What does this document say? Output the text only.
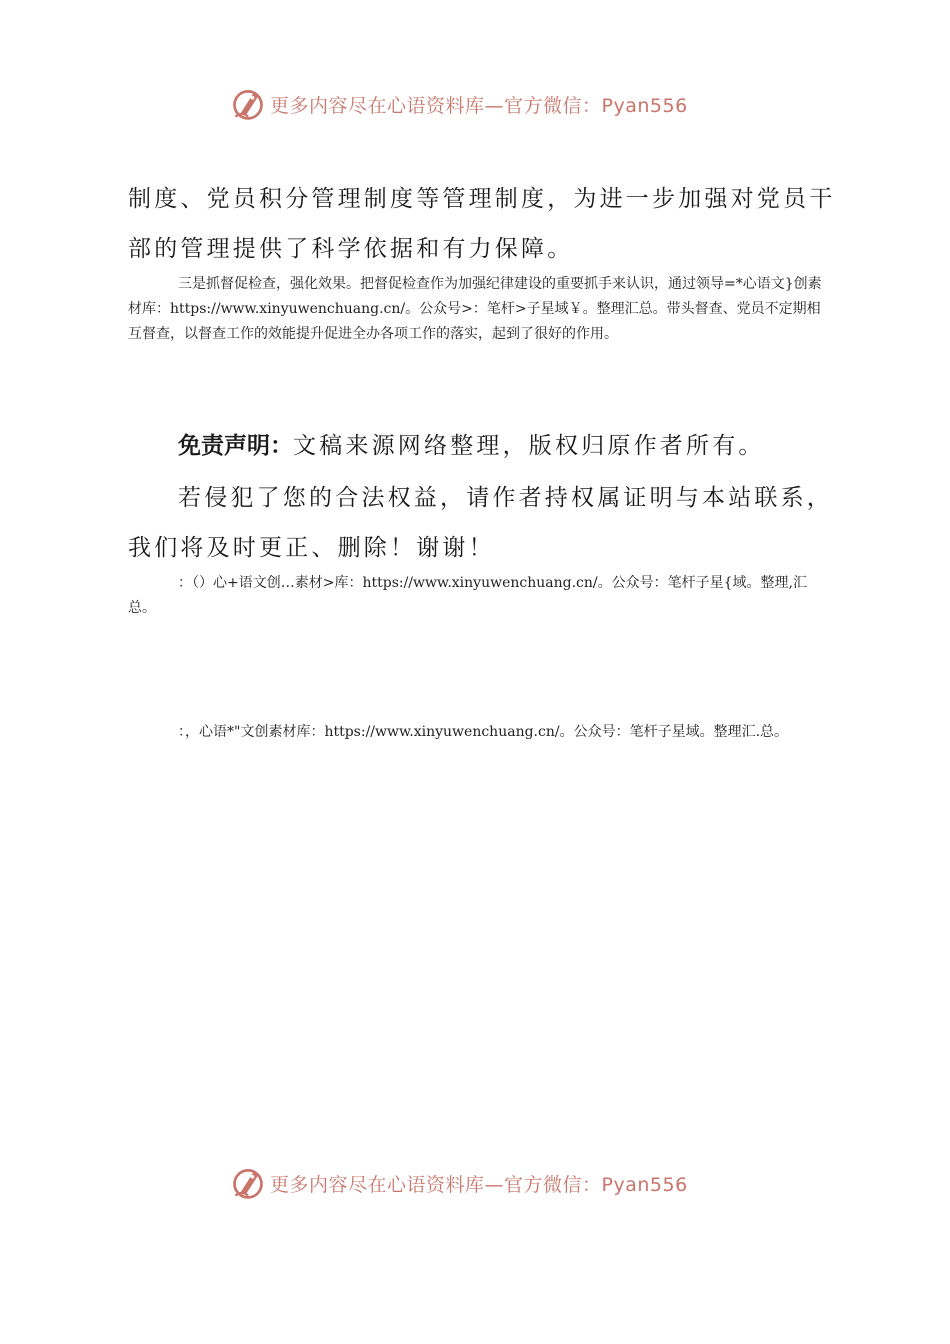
更多内容尽在心语资料库—官方微信：Pyan556

制度、党员积分管理制度等管理制度，为进一步加强对党员干

部的管理提供了科学依据和有力保障。

三是抓督促检查，强化效果。把督促检查作为加强纪律建设的重要抓手来认识，通过领导=*心语文}创素材库：https://www.xinyuwenchuang.cn/。公众号>：笔杆>子星域￥。整理汇总。带头督查、党员不定期相互督查，以督查工作的效能提升促进全办各项工作的落实，起到了很好的作用。

免责声明：文稿来源网络整理，版权归原作者所有。

若侵犯了您的合法权益，请作者持权属证明与本站联系，

我们将及时更正、删除！谢谢！

：（）心+语文创…素材>库：https://www.xinyuwenchuang.cn/。公众号：笔杆子星{域。整理,汇总。

：，心语*"文创素材库：https://www.xinyuwenchuang.cn/。公众号：笔杆子星域。整理汇.总。

更多内容尽在心语资料库—官方微信：Pyan556
